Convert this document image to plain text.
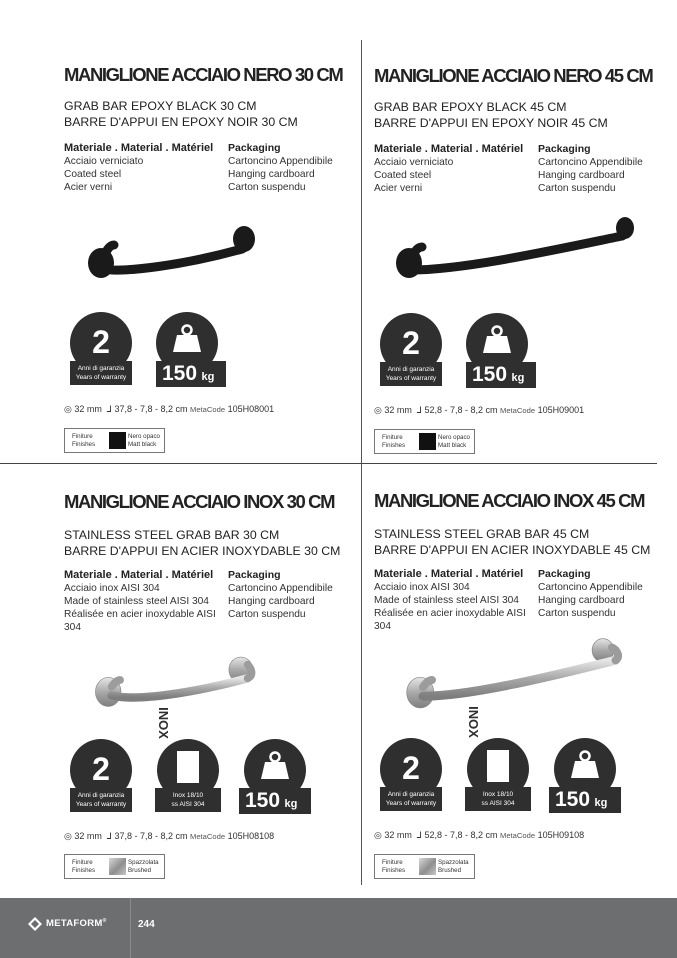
MANIGLIONE ACCIAIO NERO 30 CM
GRAB BAR EPOXY BLACK 30 CM
BARRE D'APPUI EN EPOXY NOIR 30 CM
Materiale . Material . Matériel
Acciaio verniciato
Coated steel
Acier verni
Packaging
Cartoncino Appendibile
Hanging cardboard
Carton suspendu
2
Anni di garanzia
Years of warranty 150 kg
◎ 32 mm ⅃ 37,8 - 7,8 - 8,2 cm MetaCode 105H08001
Finiture
Finishes
Nero opaco
Matt black
MANIGLIONE ACCIAIO NERO 45 CM
GRAB BAR EPOXY BLACK 45 CM
BARRE D'APPUI EN EPOXY NOIR 45 CM
Materiale . Material . Matériel
Acciaio verniciato
Coated steel
Acier verni
Packaging
Cartoncino Appendibile
Hanging cardboard
Carton suspendu
2
Anni di garanzia
Years of warranty 150 kg
◎ 32 mm ⅃ 52,8 - 7,8 - 8,2 cm MetaCode 105H09001
Finiture
Finishes
Nero opaco
Matt black
MANIGLIONE ACCIAIO INOX 30 CM
STAINLESS STEEL GRAB BAR 30 CM
BARRE D'APPUI EN ACIER INOXYDABLE 30 CM
Materiale . Material . Matériel
Acciaio inox AISI 304
Made of stainless steel AISI 304
Réalisée en acier inoxydable AISI 304
Packaging
Cartoncino Appendibile
Hanging cardboard
Carton suspendu
2
Anni di garanzia
Years of warranty
INOX
Inox 18/10
ss AISI 304	150 kg
◎ 32 mm ⅃ 37,8 - 7,8 - 8,2 cm MetaCode 105H08108
Finiture
Finishes
Spazzolata
Brushed
MANIGLIONE ACCIAIO INOX 45 CM
STAINLESS STEEL GRAB BAR 45 CM
BARRE D'APPUI EN ACIER INOXYDABLE 45 CM
Materiale . Material . Matériel
Acciaio inox AISI 304
Made of stainless steel AISI 304
Réalisée en acier inoxydable AISI 304
Packaging
Cartoncino Appendibile
Hanging cardboard
Carton suspendu
2
Anni di garanzia
Years of warranty
INOX
Inox 18/10
ss AISI 304	150 kg
◎ 32 mm ⅃ 52,8 - 7,8 - 8,2 cm MetaCode 105H09108
Finiture
Finishes
Spazzolata
Brushed
METAFORM®	244
